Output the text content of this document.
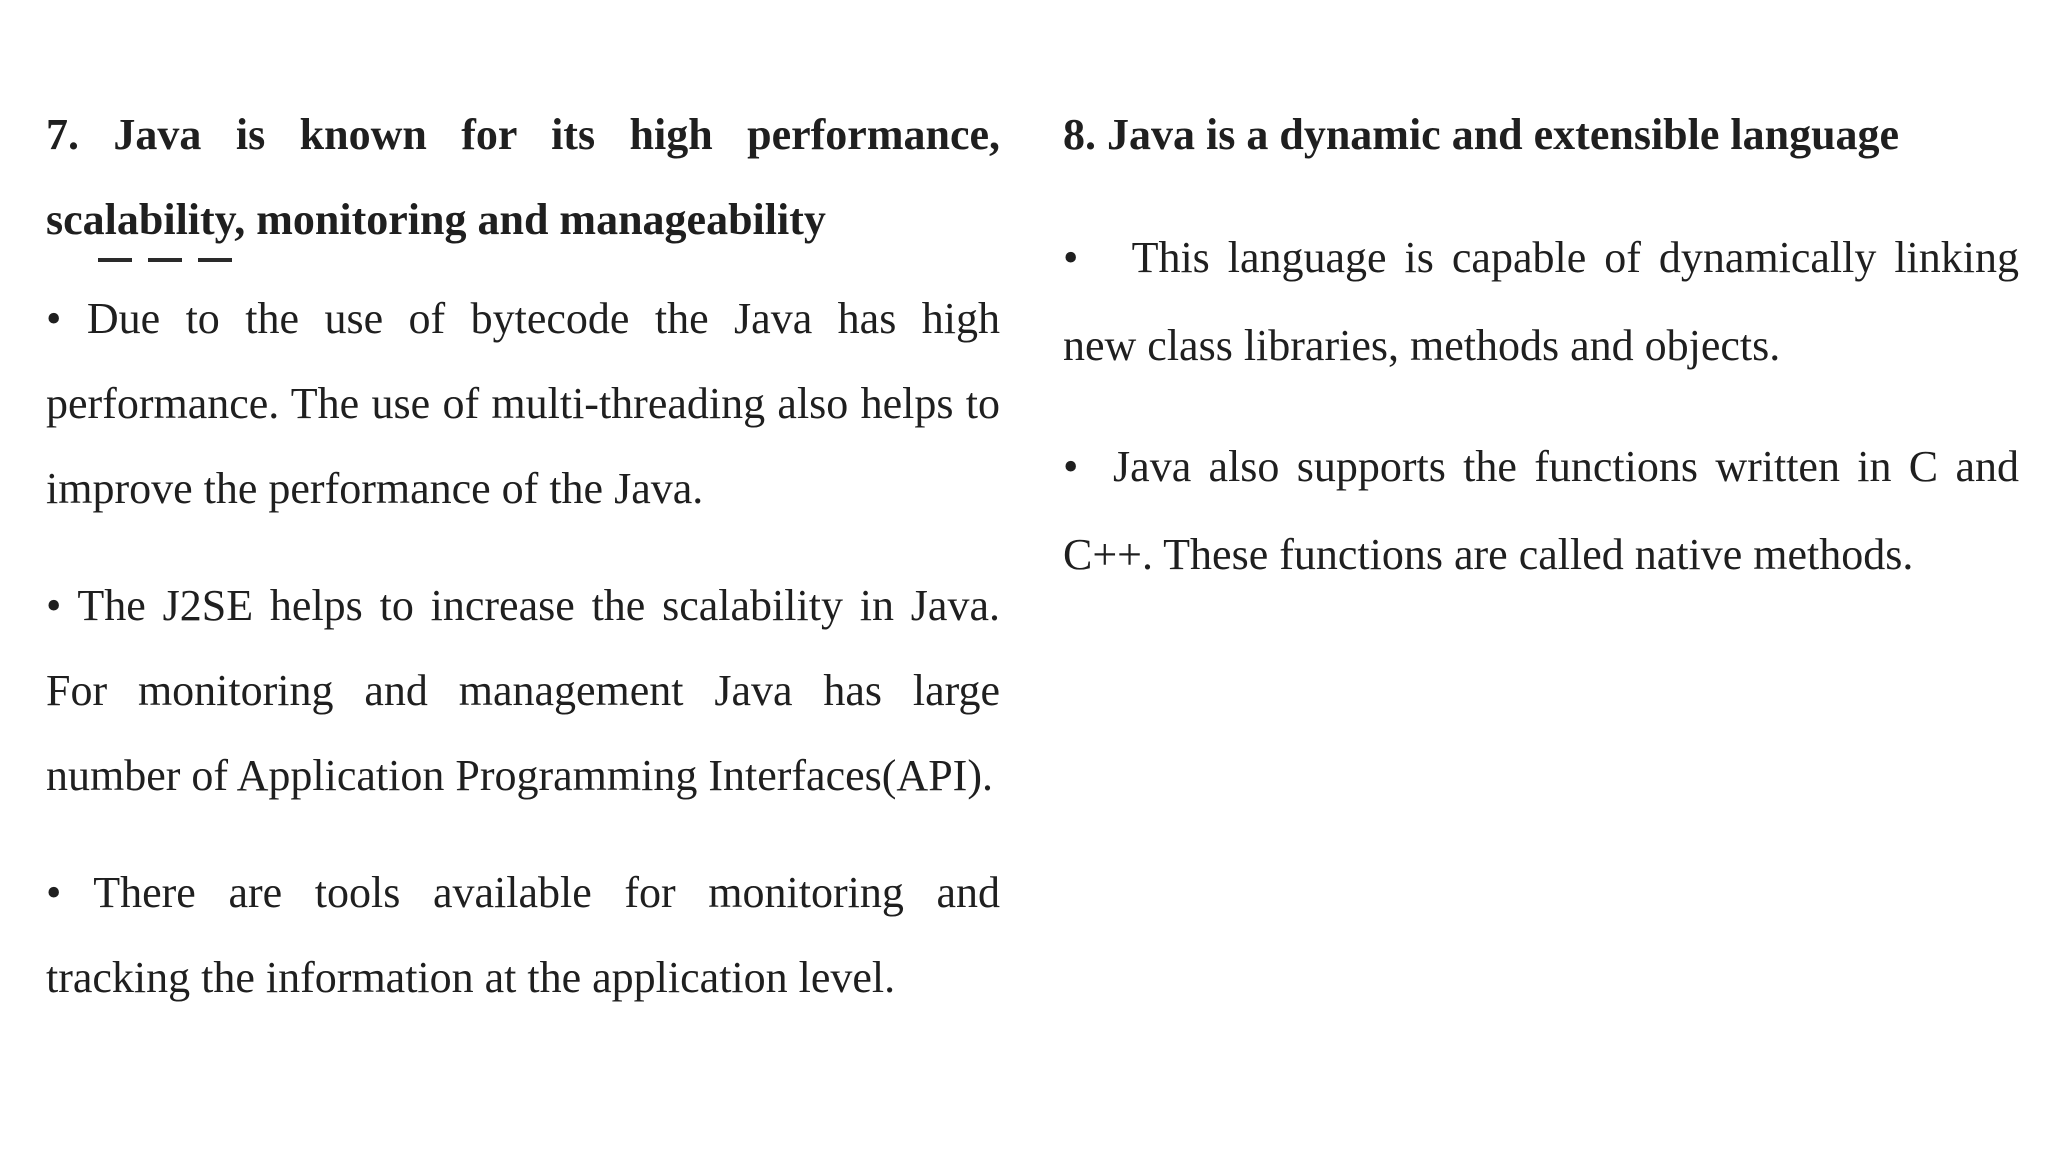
7. Java is known for its high performance, scalability, monitoring and manageability

• Due to the use of bytecode the Java has high performance. The use of multi-threading also helps to improve the performance of the Java.

• The J2SE helps to increase the scalability in Java. For monitoring and management Java has large number of Application Programming Interfaces(API).

• There are tools available for monitoring and tracking the information at the application level.

8. Java is a dynamic and extensible language

• This language is capable of dynamically linking new class libraries, methods and objects.

• Java also supports the functions written in C and C++. These functions are called native methods.
